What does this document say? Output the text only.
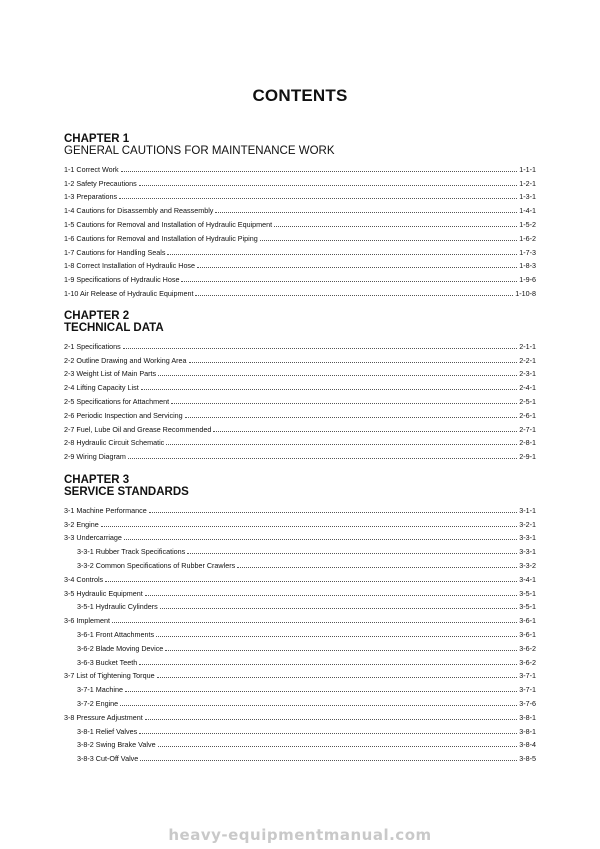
CONTENTS
CHAPTER 1
GENERAL CAUTIONS FOR MAINTENANCE WORK
1-1 Correct Work	1-1-1
1-2 Safety Precautions	1-2-1
1-3 Preparations	1-3-1
1-4 Cautions for Disassembly and Reassembly	1-4-1
1-5 Cautions for Removal and Installation of Hydraulic Equipment	1-5-2
1-6 Cautions for Removal and Installation of Hydraulic Piping	1-6-2
1-7 Cautions for Handling Seals	1-7-3
1-8 Correct Installation of Hydraulic Hose	1-8-3
1-9 Specifications of Hydraulic Hose	1-9-6
1-10 Air Release of Hydraulic Equipment	1-10-8
CHAPTER 2
TECHNICAL DATA
2-1 Specifications	2-1-1
2-2 Outline Drawing and Working Area	2-2-1
2-3 Weight List of Main Parts	2-3-1
2-4 Lifting Capacity List	2-4-1
2-5 Specifications for Attachment	2-5-1
2-6 Periodic Inspection and Servicing	2-6-1
2-7 Fuel, Lube Oil and Grease Recommended	2-7-1
2-8 Hydraulic Circuit Schematic	2-8-1
2-9 Wiring Diagram	2-9-1
CHAPTER 3
SERVICE STANDARDS
3-1 Machine Performance	3-1-1
3-2 Engine	3-2-1
3-3 Undercarriage	3-3-1
3-3-1 Rubber Track Specifications	3-3-1
3-3-2 Common Specifications of Rubber Crawlers	3-3-2
3-4 Controls	3-4-1
3-5 Hydraulic Equipment	3-5-1
3-5-1 Hydraulic Cylinders	3-5-1
3-6 Implement	3-6-1
3-6-1 Front Attachments	3-6-1
3-6-2 Blade Moving Device	3-6-2
3-6-3 Bucket Teeth	3-6-2
3-7 List of Tightening Torque	3-7-1
3-7-1 Machine	3-7-1
3-7-2 Engine	3-7-6
3-8 Pressure Adjustment	3-8-1
3-8-1 Relief Valves	3-8-1
3-8-2 Swing Brake Valve	3-8-4
3-8-3 Cut-Off Valve	3-8-5
heavy-equipmentmanual.com
